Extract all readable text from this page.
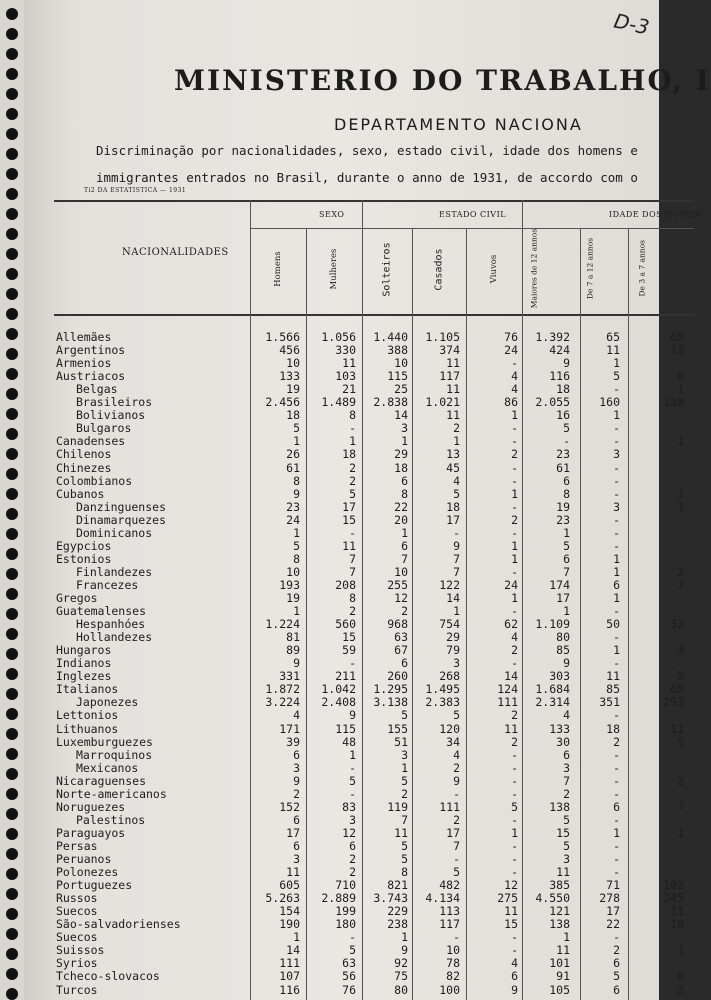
D-3
MINISTERIO DO TRABALHO, I
DEPARTAMENTO NACIONA
Discriminação por nacionalidades, sexo, estado civil, idade dos homens e
immigrantes entrados no Brasil, durante o anno de 1931, de accordo com o
Ti2 DA ESTATISTICA — 1931
NACIONALIDADES
SEXO	ESTADO CIVIL	IDADE DOS HOMEN
Homens	Mulheres	Solteiros	Casados	Viuvos	Maiores de 12 annos	De 7 a 12 annos	De 3 a 7 annos
Allemães	1.566 1.056 1.440 1.105	76 1.392	65	65
Argentinos	456	330	388	374	24	424	11	13
Armenios	10	11	10	11	-	9	1	-
Austriacos	133	103	115	117	4	116	5	6
Belgas	19	21	25	11	4	18	-	1
Brasileiros	2.456 1.489 2.838 1.021	86 2.055	160	138
Bolivianos	18	8	14	11	1	16	1	-
Bulgaros	5	-	3	2	-	5	-	-
Canadenses	1	1	1	1	-	-	-	1
Chilenos	26	18	29	13	2	23	3	-
Chinezes	61	2	18	45	-	61	-	-
Colombianos	8	2	6	4	-	6	-	-
Cubanos	9	5	8	5	1	8	-	1
Danzinguenses	23	17	22	18	-	19	3	1
Dinamarquezes	24	15	20	17	2	23	-	-
Dominicanos	1	-	1	-	-	1	-	-
Egypcios	5	11	6	9	1	5	-	-
Estonios	8	7	7	7	1	6	1	-
Finlandezes	10	7	10	7	-	7	1	2
Francezes	193	208	255	122	24	174	6	7
Gregos	19	8	12	14	1	17	1	-
Guatemalenses	1	2	2	1	-	1	-	-
Hespanhóes	1.224	560	968	754	62 1.109	50	32
Hollandezes	81	15	63	29	4	80	-	-
Hungaros	89	59	67	79	2	85	1	3
Indianos	9	-	6	3	-	9	-	-
Inglezes	331	211	260	268	14	303	11	5
Italianos	1.872 1.042 1.295 1.495	124 1.684	85	65
Japonezes	3.224 2.408 3.138 2.383	111 2.314	351	293
Lettonios	4	9	5	5	2	4	-	-
Lithuanos	171	115	155	120	11	133	18	11
Luxemburguezes	39	48	51	34	2	30	2	5
Marroquinos	6	1	3	4	-	6	-	-
Mexicanos	3	-	1	2	-	3	-	-
Nicaraguenses	9	5	5	9	-	7	-	2
Norte-americanos	2	-	2	-	-	2	-	-
Noruguezes	152	83	119	111	5	138	6	7
Palestinos	6	3	7	2	-	5	-	-
Paraguayos	17	12	11	17	1	15	1	1
Persas	6	6	5	7	-	5	-	-
Peruanos	3	2	5	-	-	3	-	-
Polonezes	11	2	8	5	-	11	-	-
Portuguezes	605	710	821	482	12	385	71	102
Russos	5.263 2.889 3.743 4.134	275 4.550	278	245
Suecos	154	199	229	113	11	121	17	11
São-salvadorienses	190	180	238	117	15	138	22	18
Suecos	1	-	1	-	-	1	-	-
Suissos	14	5	9	10	-	11	2	1
Syrios	111	63	92	78	4	101	6	-
Tcheco-slovacos	107	56	75	82	6	91	5	6
Turcos	116	76	80	100	9	105	6	2
